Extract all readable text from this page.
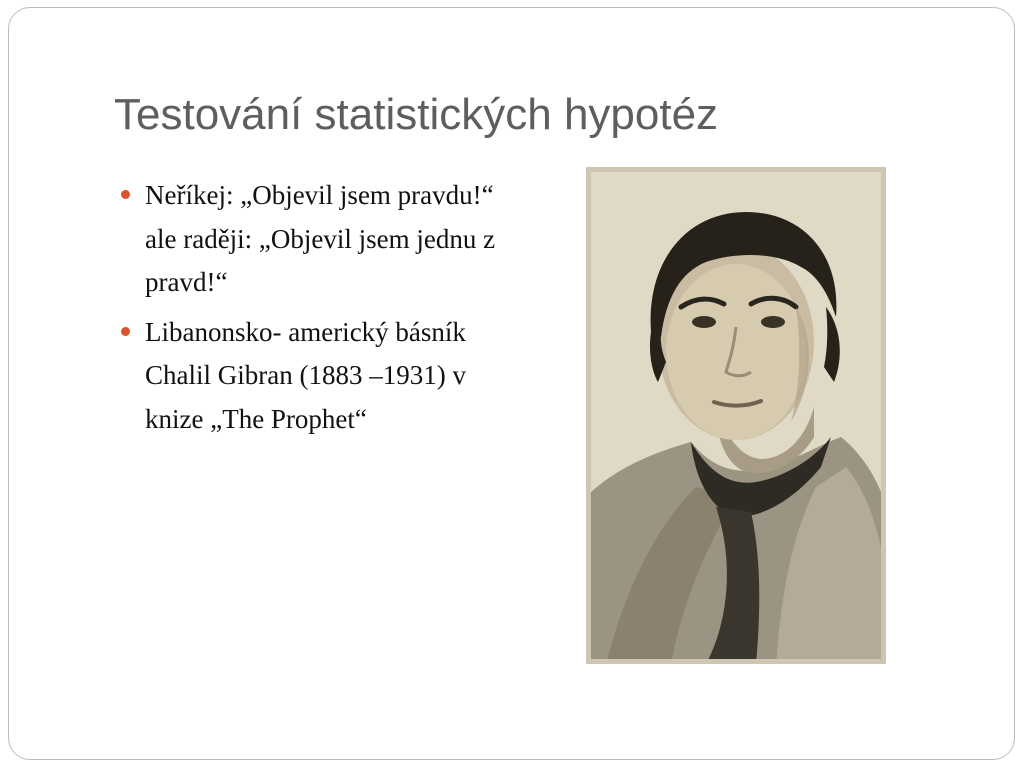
Testování statistických hypotéz
Neříkej: „Objevil jsem pravdu!“ ale raději: „Objevil jsem jednu z pravd!“
Libanonsko- americký básník Chalil Gibran (1883 –1931) v knize „The Prophet“
